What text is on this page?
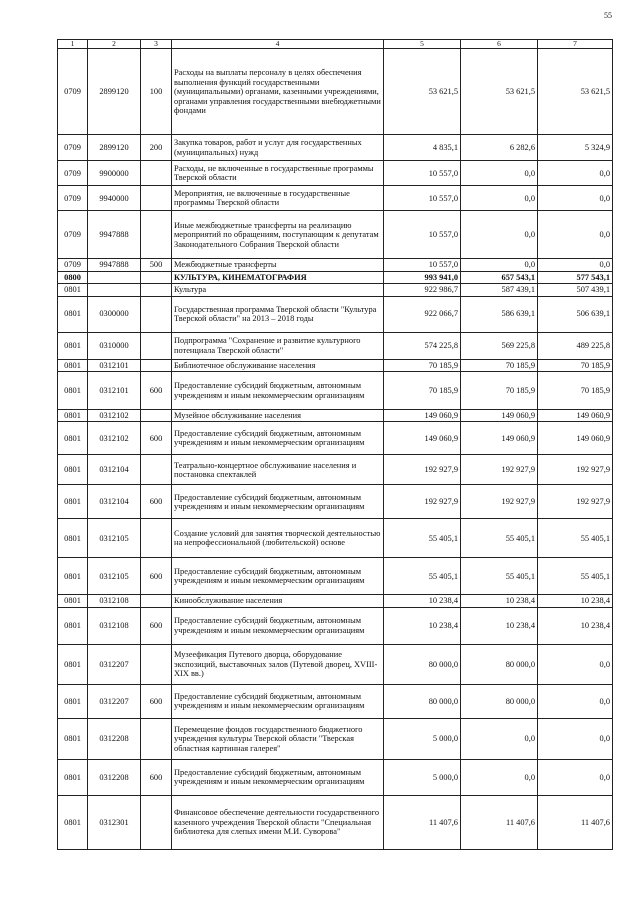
55
1	2	3	4	5	6	7
0709	2899120	100	Расходы на выплаты персоналу в целях обеспечения выполнения функций государственными (муниципальными) органами, казенными учреждениями, органами управления государственными внебюджетными фондами	53 621,5	53 621,5	53 621,5
0709	2899120	200	Закупка товаров, работ и услуг для государственных (муниципальных) нужд	4 835,1	6 282,6	5 324,9
0709	9900000		Расходы, не включенные в государственные программы Тверской области	10 557,0	0,0	0,0
0709	9940000		Мероприятия, не включенные в государственные программы Тверской области	10 557,0	0,0	0,0
0709	9947888		Иные межбюджетные трансферты на реализацию мероприятий по обращениям, поступающим к депутатам Законодательного Собрания Тверской области	10 557,0	0,0	0,0
0709	9947888	500	Межбюджетные трансферты	10 557,0	0,0	0,0
0800			КУЛЬТУРА, КИНЕМАТОГРАФИЯ	993 941,0	657 543,1	577 543,1
0801			Культура	922 986,7	587 439,1	507 439,1
0801	0300000		Государственная программа Тверской области "Культура Тверской области" на 2013 – 2018 годы	922 066,7	586 639,1	506 639,1
0801	0310000		Подпрограмма "Сохранение и развитие культурного потенциала Тверской области"	574 225,8	569 225,8	489 225,8
0801	0312101		Библиотечное обслуживание населения	70 185,9	70 185,9	70 185,9
0801	0312101	600	Предоставление субсидий бюджетным, автономным учреждениям и иным некоммерческим организациям	70 185,9	70 185,9	70 185,9
0801	0312102		Музейное обслуживание населения	149 060,9	149 060,9	149 060,9
0801	0312102	600	Предоставление субсидий бюджетным, автономным учреждениям и иным некоммерческим организациям	149 060,9	149 060,9	149 060,9
0801	0312104		Театрально-концертное обслуживание населения и постановка спектаклей	192 927,9	192 927,9	192 927,9
0801	0312104	600	Предоставление субсидий бюджетным, автономным учреждениям и иным некоммерческим организациям	192 927,9	192 927,9	192 927,9
0801	0312105		Создание условий для занятия творческой деятельностью на непрофессиональной (любительской) основе	55 405,1	55 405,1	55 405,1
0801	0312105	600	Предоставление субсидий бюджетным, автономным учреждениям и иным некоммерческим организациям	55 405,1	55 405,1	55 405,1
0801	0312108		Кинообслуживание населения	10 238,4	10 238,4	10 238,4
0801	0312108	600	Предоставление субсидий бюджетным, автономным учреждениям и иным некоммерческим организациям	10 238,4	10 238,4	10 238,4
0801	0312207		Музеефикация Путевого дворца, оборудование экспозиций, выставочных залов (Путевой дворец, XVIII-XIX вв.)	80 000,0	80 000,0	0,0
0801	0312207	600	Предоставление субсидий бюджетным, автономным учреждениям и иным некоммерческим организациям	80 000,0	80 000,0	0,0
0801	0312208		Перемещение фондов государственного бюджетного учреждения культуры Тверской области "Тверская областная картинная галерея"	5 000,0	0,0	0,0
0801	0312208	600	Предоставление субсидий бюджетным, автономным учреждениям и иным некоммерческим организациям	5 000,0	0,0	0,0
0801	0312301		Финансовое обеспечение деятельности государственного казенного учреждения Тверской области "Специальная библиотека для слепых имени М.И. Суворова"	11 407,6	11 407,6	11 407,6
